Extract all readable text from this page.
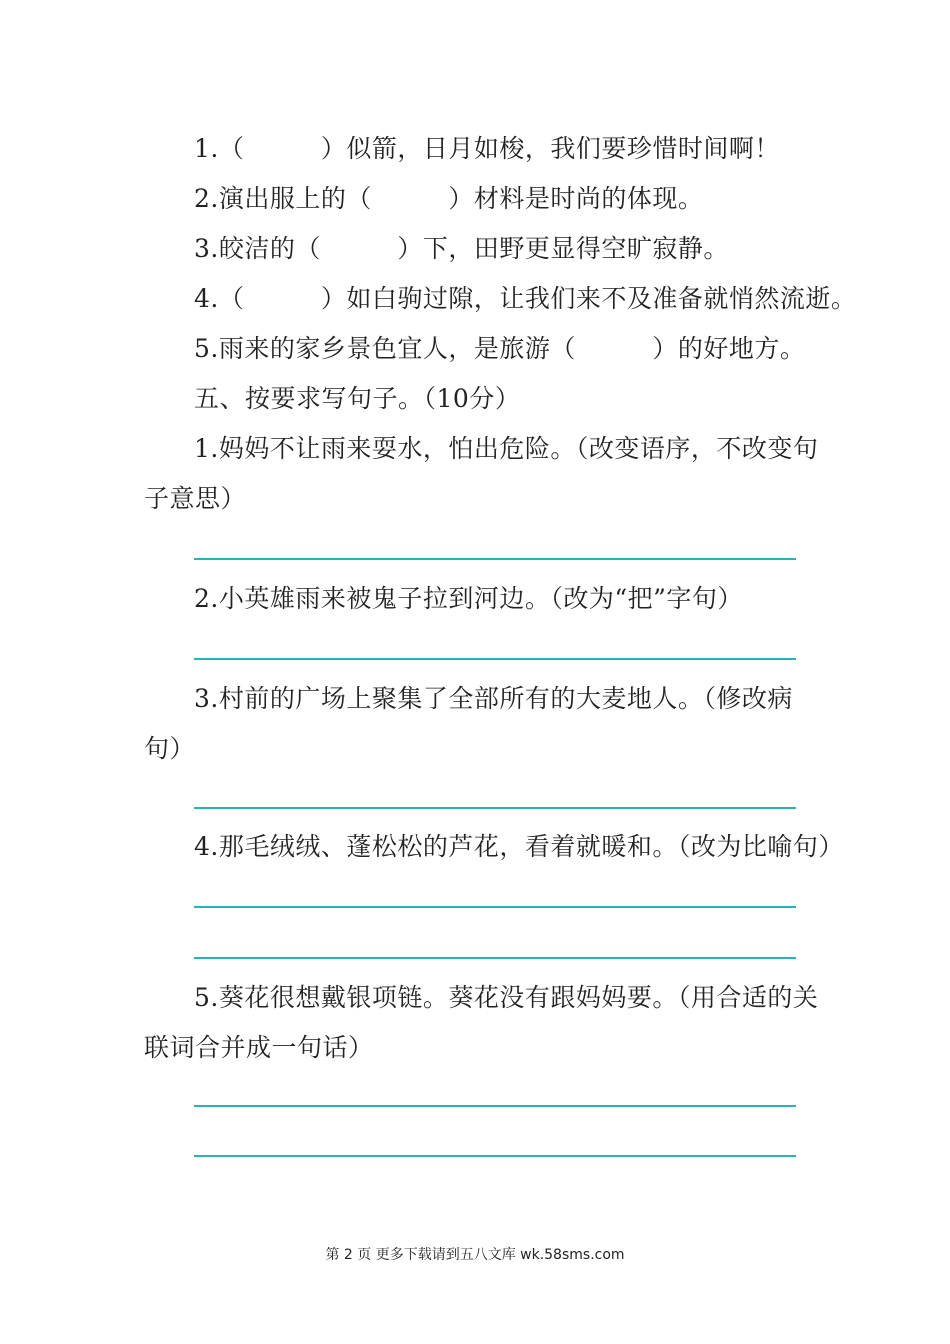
1.（　　　）似箭，日月如梭，我们要珍惜时间啊！
2.演出服上的（　　　）材料是时尚的体现。
3.皎洁的（　　　）下，田野更显得空旷寂静。
4.（　　　）如白驹过隙，让我们来不及准备就悄然流逝。
5.雨来的家乡景色宜人，是旅游（　　　）的好地方。
五、按要求写句子。（10分）
1.妈妈不让雨来耍水，怕出危险。（改变语序，不改变句
子意思）
2.小英雄雨来被鬼子拉到河边。（改为“把”字句）
3.村前的广场上聚集了全部所有的大麦地人。（修改病
句）
4.那毛绒绒、蓬松松的芦花，看着就暖和。（改为比喻句）
5.葵花很想戴银项链。葵花没有跟妈妈要。（用合适的关
联词合并成一句话）
第 2 页 更多下载请到五八文库 wk.58sms.com
